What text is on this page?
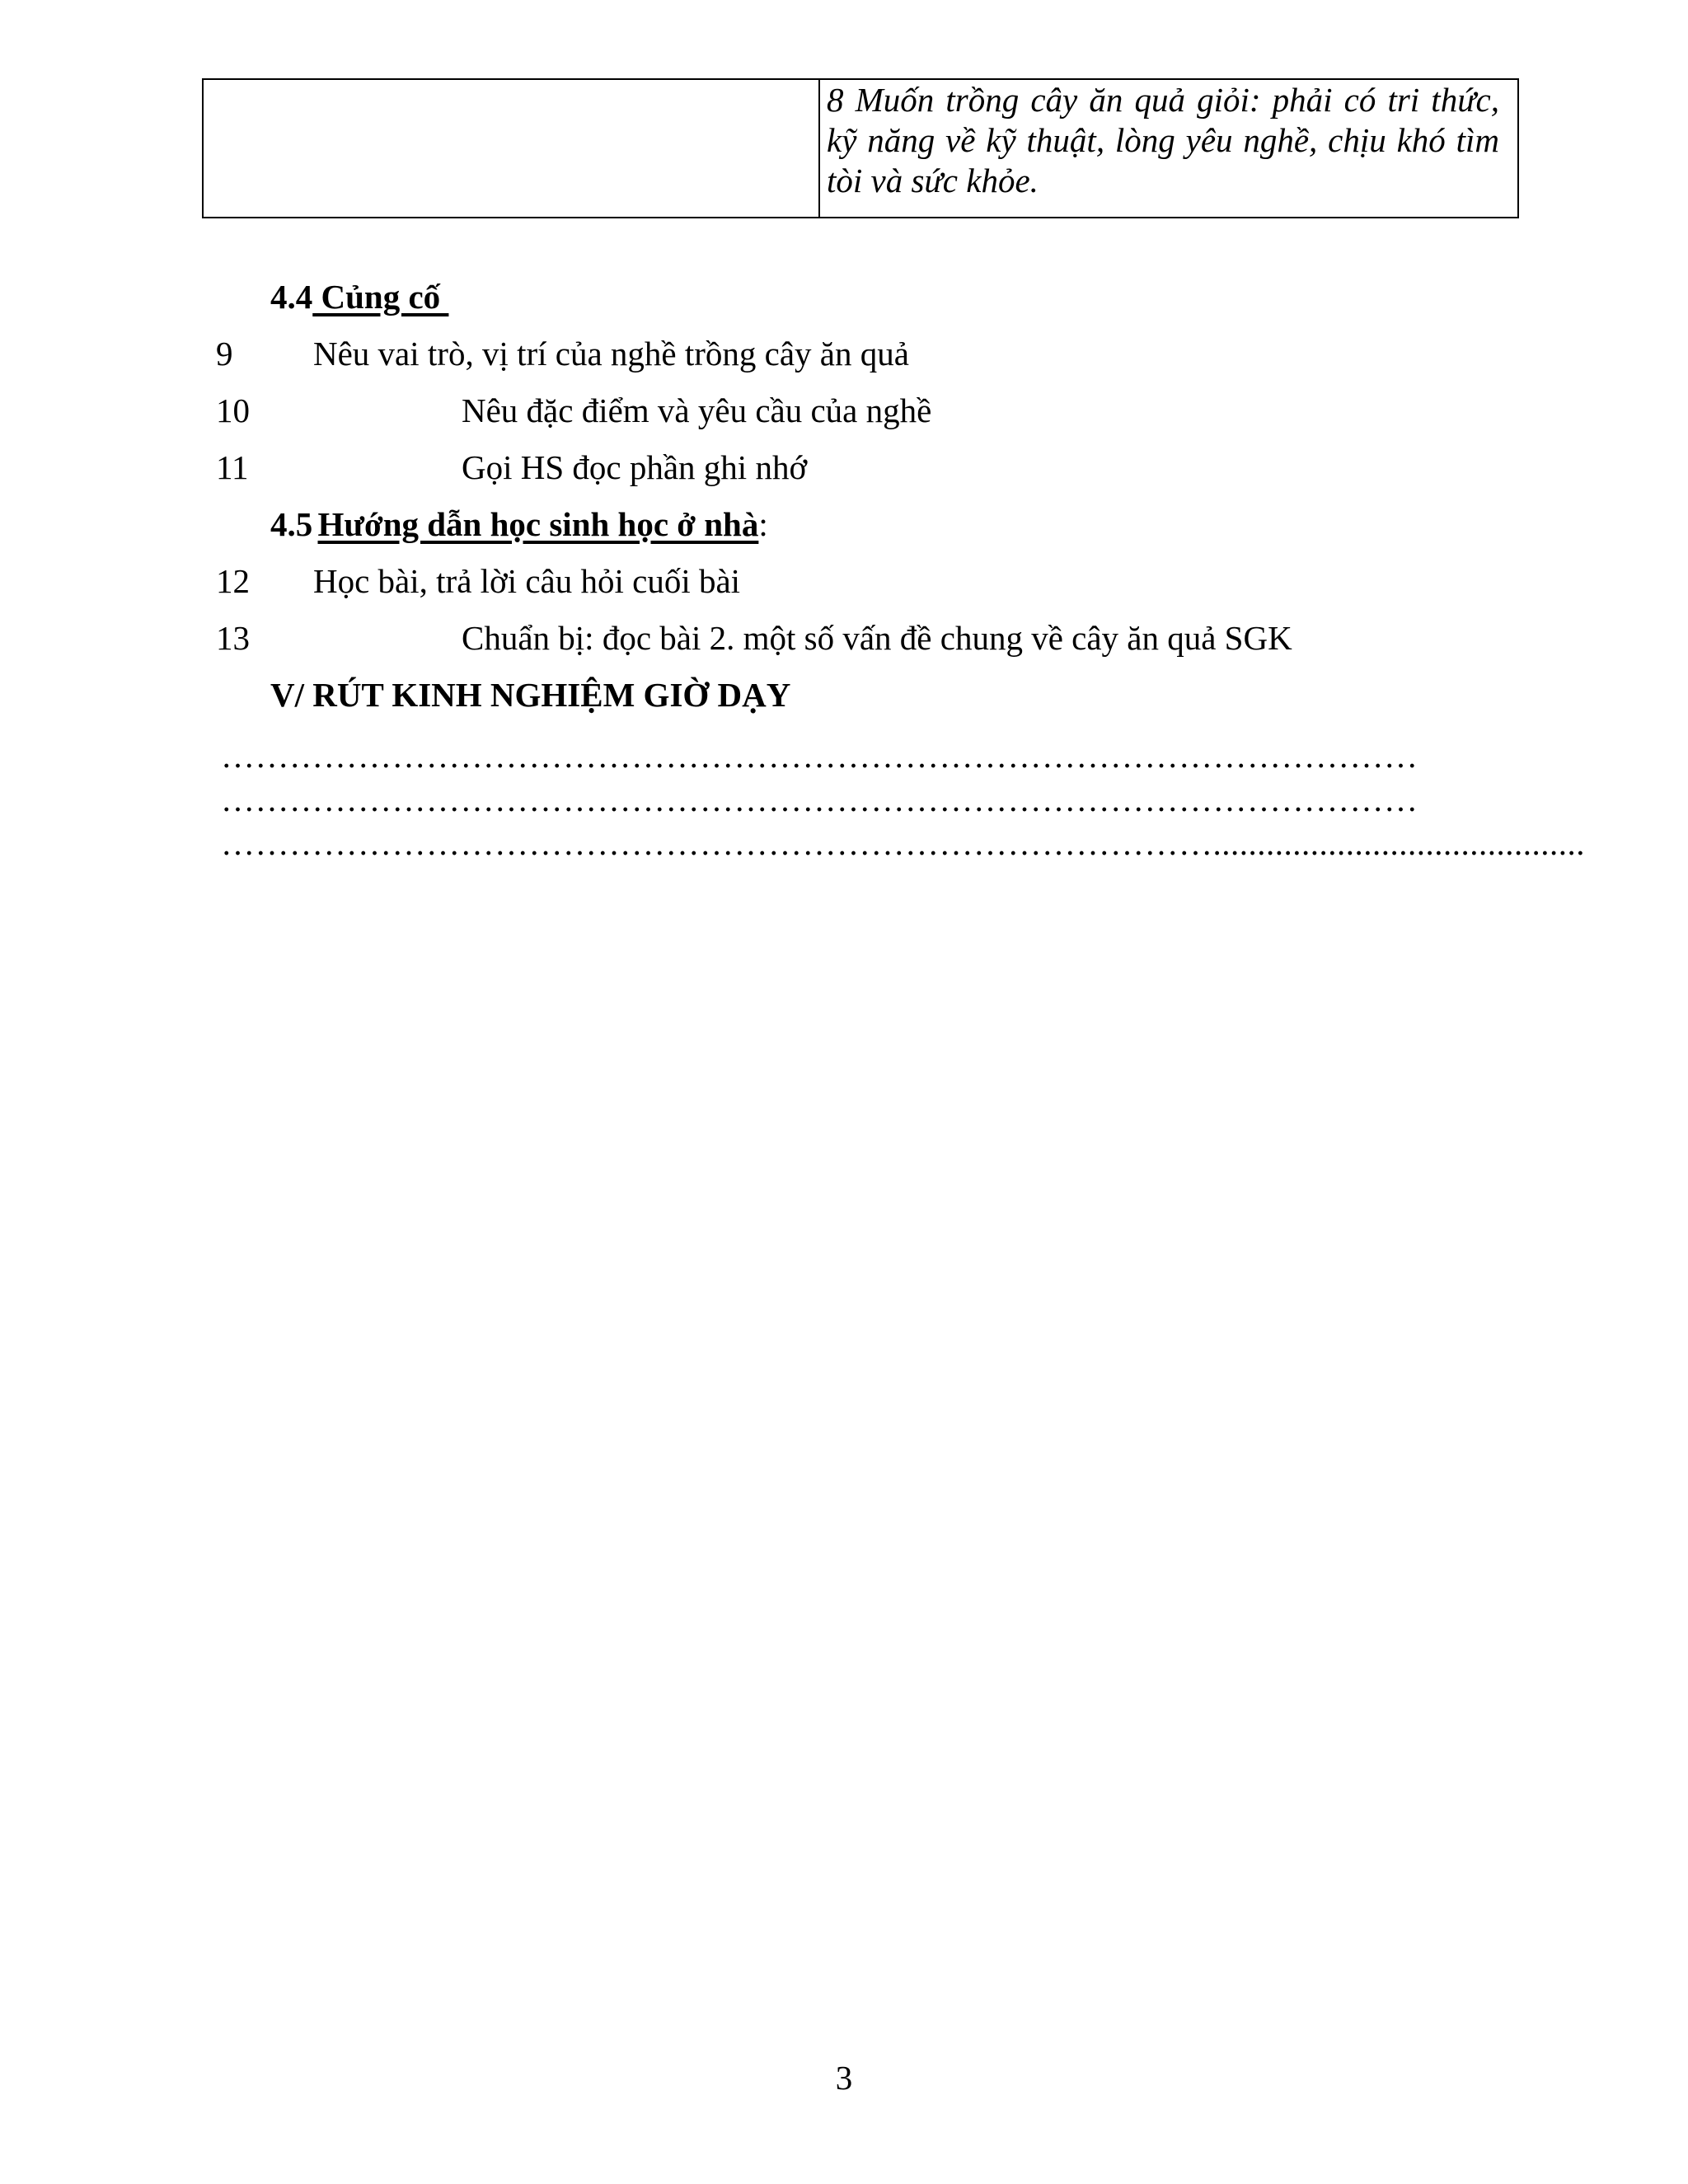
8 Muốn trồng cây ăn quả giỏi: phải có tri thức, kỹ năng về kỹ thuật, lòng yêu nghề, chịu khó tìm tòi và sức khỏe.

4.4 Củng cố
9 Nêu vai trò, vị trí của nghề trồng cây ăn quả
10	Nêu đặc điểm và yêu cầu của nghề
11	Gọi HS đọc phần ghi nhớ
4.5 Hướng dẫn học sinh học ở nhà:
12 Học bài, trả lời câu hỏi cuối bài
13	Chuẩn bị: đọc bài 2. một số vấn đề chung về cây ăn quả SGK
V/ RÚT KINH NGHIỆM GIỜ DẠY
……………………………………………………………………………………………
……………………………………………………………………………………………
……………………………………………………………………………..........................................
3
